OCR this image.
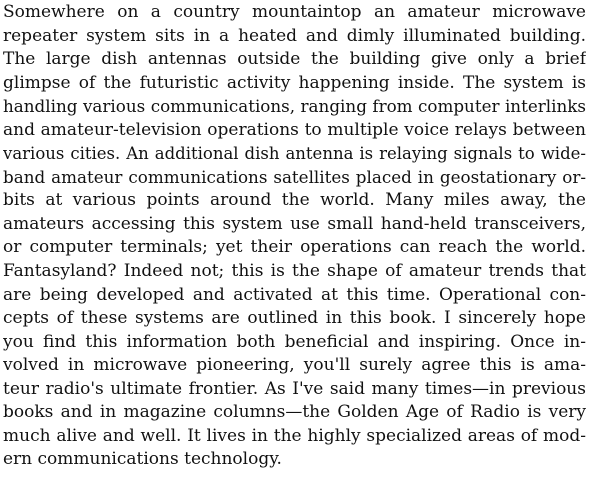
Somewhere on a country mountaintop an amateur microwave
repeater system sits in a heated and dimly illuminated building.
The large dish antennas outside the building give only a brief
glimpse of the futuristic activity happening inside. The system is
handling various communications, ranging from computer interlinks
and amateur-television operations to multiple voice relays between
various cities. An additional dish antenna is relaying signals to wide-
band amateur communications satellites placed in geostationary or-
bits at various points around the world. Many miles away, the
amateurs accessing this system use small hand-held transceivers,
or computer terminals; yet their operations can reach the world.
Fantasyland? Indeed not; this is the shape of amateur trends that
are being developed and activated at this time. Operational con-
cepts of these systems are outlined in this book. I sincerely hope
you find this information both beneficial and inspiring. Once in-
volved in microwave pioneering, you'll surely agree this is ama-
teur radio's ultimate frontier. As I've said many times—in previous
books and in magazine columns—the Golden Age of Radio is very
much alive and well. It lives in the highly specialized areas of mod-
ern communications technology.
